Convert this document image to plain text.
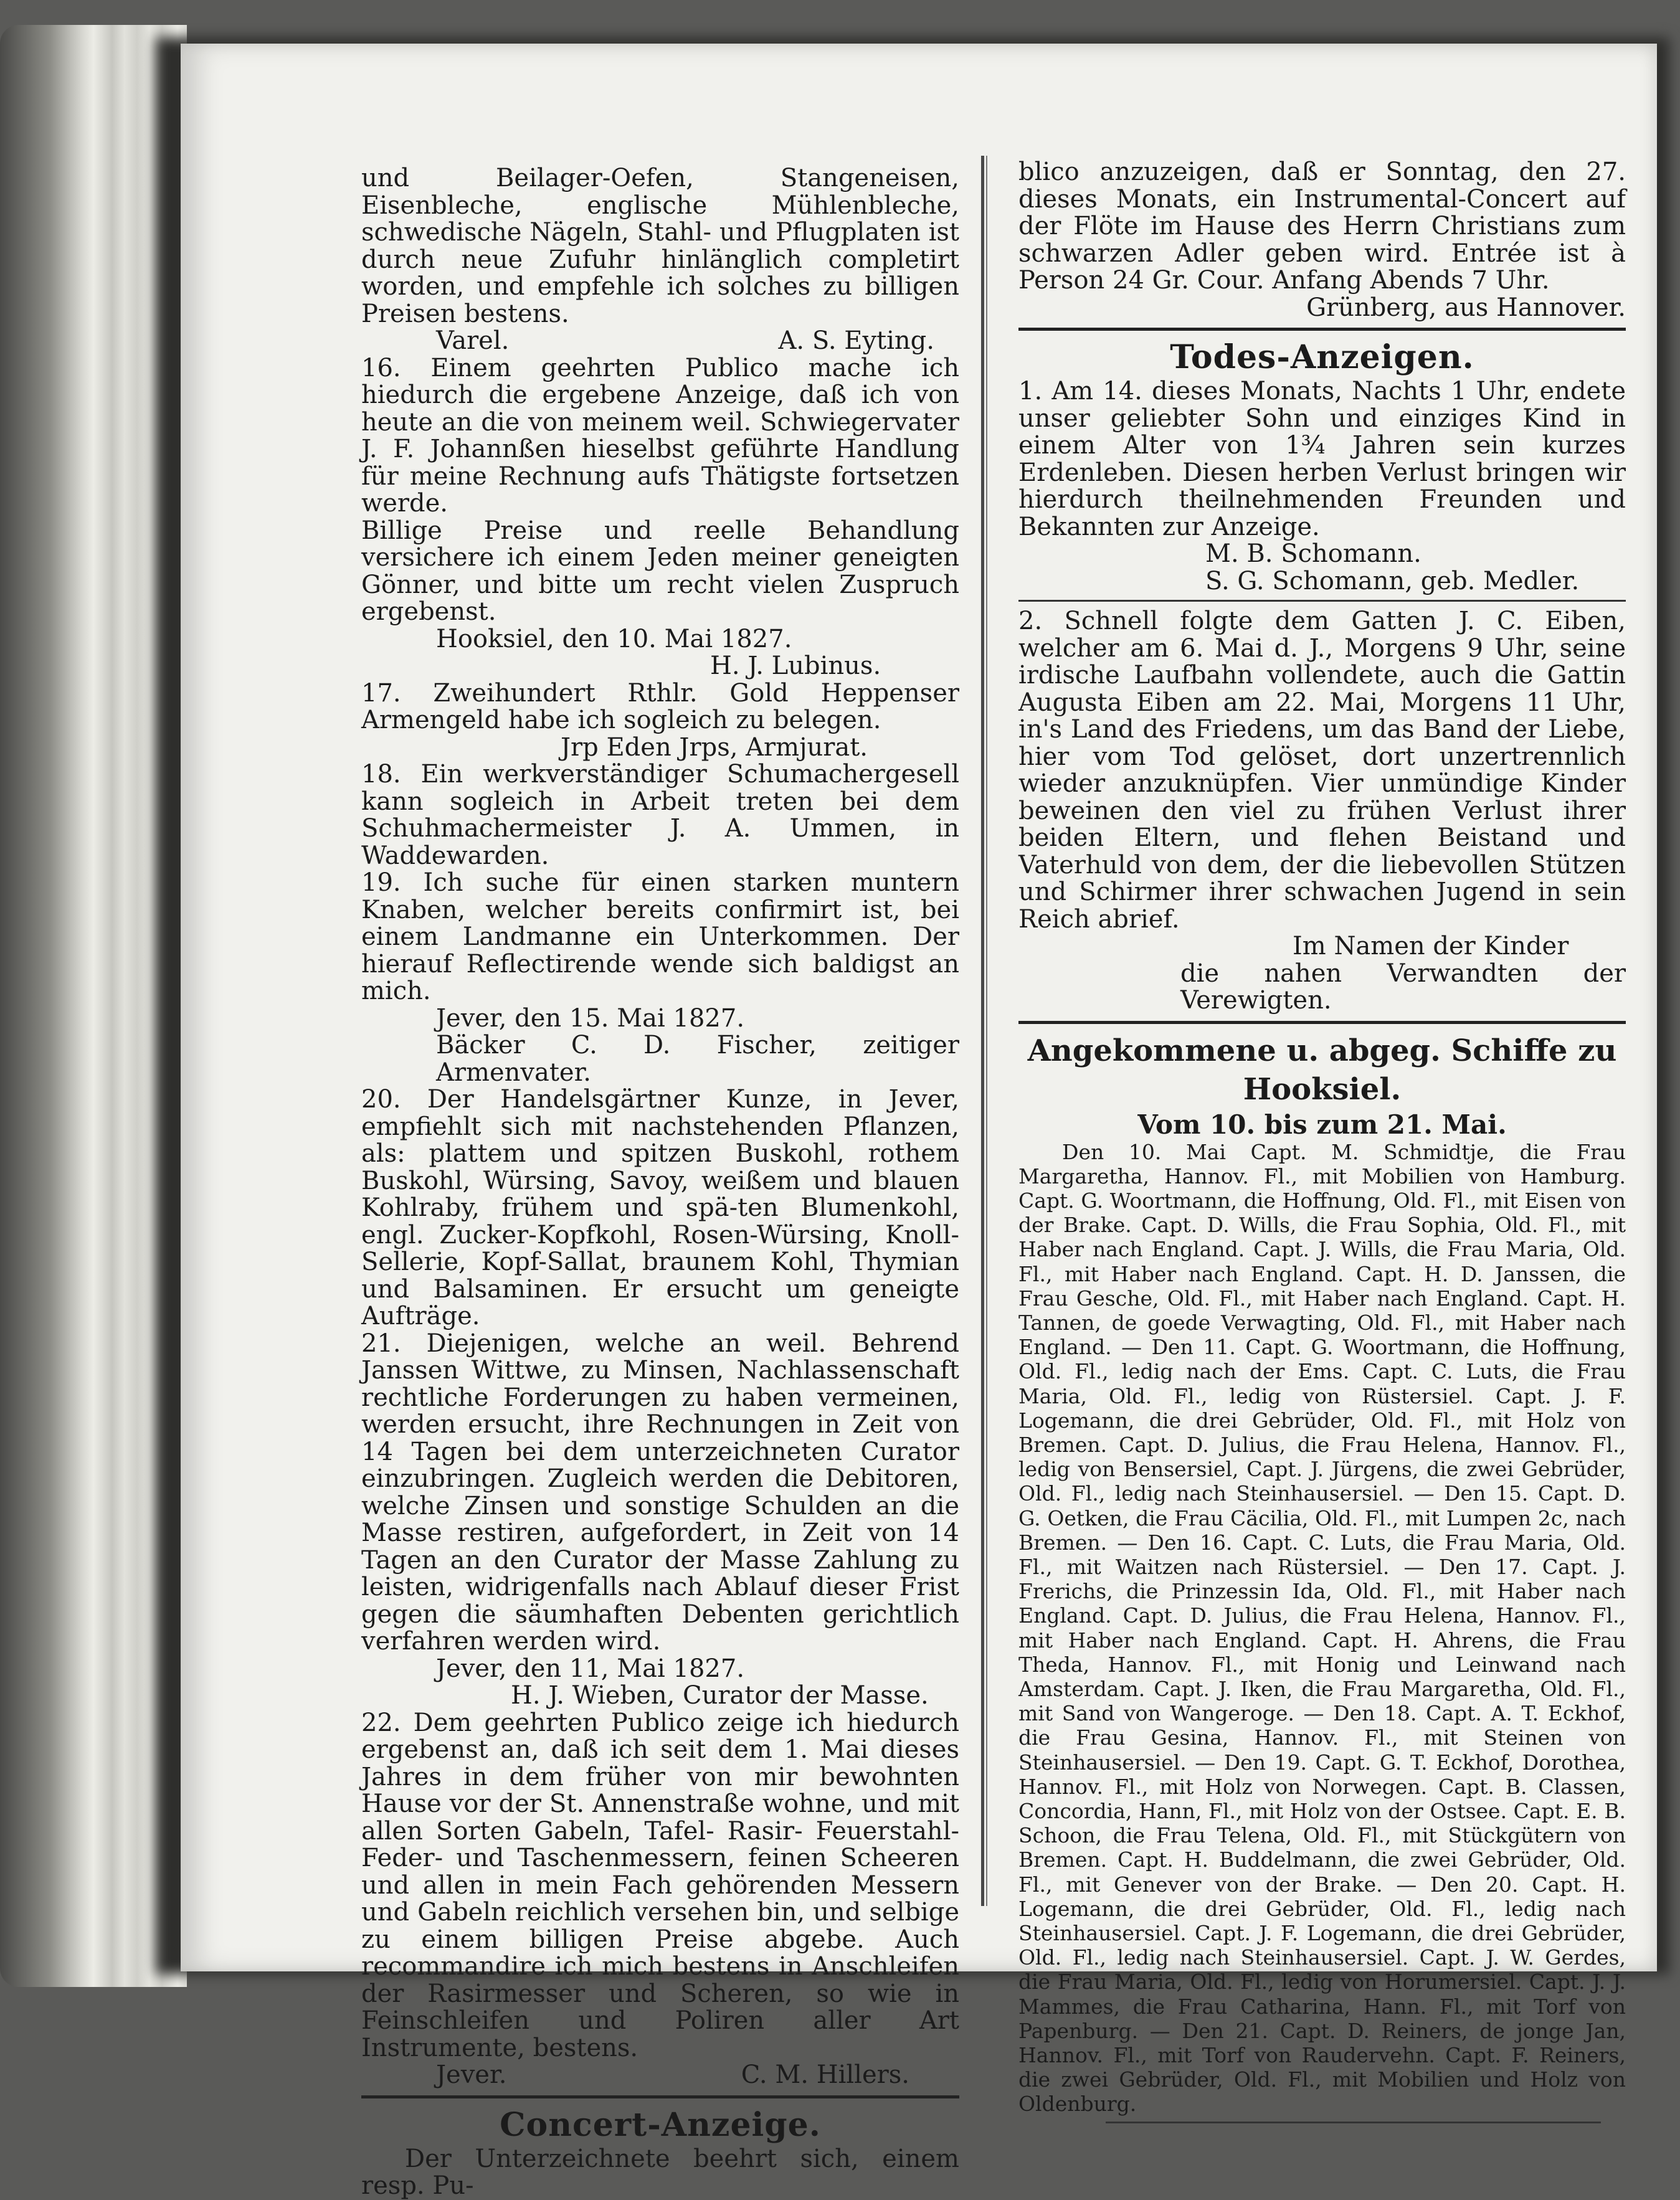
und Beilager-Oefen, Stangeneisen, Eisenbleche, englische Mühlenbleche, schwedische Nägeln, Stahl- und Pflugplaten ist durch neue Zufuhr hinlänglich completirt worden, und empfehle ich solches zu billigen Preisen bestens.

Varel.	A. S. Eyting.

16. Einem geehrten Publico mache ich hiedurch die ergebene Anzeige, daß ich von heute an die von meinem weil. Schwiegervater J. F. Johannßen hieselbst geführte Handlung für meine Rechnung aufs Thätigste fortsetzen werde.

Billige Preise und reelle Behandlung versichere ich einem Jeden meiner geneigten Gönner, und bitte um recht vielen Zuspruch ergebenst.

Hooksiel, den 10. Mai 1827.

H. J. Lubinus.

17. Zweihundert Rthlr. Gold Heppenser Armengeld habe ich sogleich zu belegen.

Jrp Eden Jrps, Armjurat.

18. Ein werkverständiger Schumachergesell kann sogleich in Arbeit treten bei dem Schuhmachermeister J. A. Ummen, in Waddewarden.

19. Ich suche für einen starken muntern Knaben, welcher bereits confirmirt ist, bei einem Landmanne ein Unterkommen. Der hierauf Reflectirende wende sich baldigst an mich.

Jever, den 15. Mai 1827.

Bäcker C. D. Fischer, zeitiger Armenvater.

20. Der Handelsgärtner Kunze, in Jever, empfiehlt sich mit nachstehenden Pflanzen, als: plattem und spitzen Buskohl, rothem Buskohl, Würsing, Savoy, weißem und blauen Kohlraby, frühem und spä-ten Blumenkohl, engl. Zucker-Kopfkohl, Rosen-Würsing, Knoll-Sellerie, Kopf-Sallat, braunem Kohl, Thymian und Balsaminen. Er ersucht um geneigte Aufträge.

21. Diejenigen, welche an weil. Behrend Janssen Wittwe, zu Minsen, Nachlassenschaft rechtliche Forderungen zu haben vermeinen, werden ersucht, ihre Rechnungen in Zeit von 14 Tagen bei dem unterzeichneten Curator einzubringen. Zugleich werden die Debitoren, welche Zinsen und sonstige Schulden an die Masse restiren, aufgefordert, in Zeit von 14 Tagen an den Curator der Masse Zahlung zu leisten, widrigenfalls nach Ablauf dieser Frist gegen die säumhaften Debenten gerichtlich verfahren werden wird.

Jever, den 11, Mai 1827.

H. J. Wieben, Curator der Masse.

22. Dem geehrten Publico zeige ich hiedurch ergebenst an, daß ich seit dem 1. Mai dieses Jahres in dem früher von mir bewohnten Hause vor der St. Annenstraße wohne, und mit allen Sorten Gabeln, Tafel- Rasir- Feuerstahl- Feder- und Taschenmessern, feinen Scheeren und allen in mein Fach gehörenden Messern und Gabeln reichlich versehen bin, und selbige zu einem billigen Preise abgebe. Auch recommandire ich mich bestens in Anschleifen der Rasirmesser und Scheren, so wie in Feinschleifen und Poliren aller Art Instrumente, bestens.

Jever.	C. M. Hillers.

Concert-Anzeige.

Der Unterzeichnete beehrt sich, einem resp. Pu-

blico anzuzeigen, daß er Sonntag, den 27. dieses Monats, ein Instrumental-Concert auf der Flöte im Hause des Herrn Christians zum schwarzen Adler geben wird. Entrée ist à Person 24 Gr. Cour. Anfang Abends 7 Uhr.

Grünberg, aus Hannover.

Todes-Anzeigen.

1. Am 14. dieses Monats, Nachts 1 Uhr, endete unser geliebter Sohn und einziges Kind in einem Alter von 1¾ Jahren sein kurzes Erdenleben. Diesen herben Verlust bringen wir hierdurch theilnehmenden Freunden und Bekannten zur Anzeige.

M. B. Schomann.

S. G. Schomann, geb. Medler.

2. Schnell folgte dem Gatten J. C. Eiben, welcher am 6. Mai d. J., Morgens 9 Uhr, seine irdische Laufbahn vollendete, auch die Gattin Augusta Eiben am 22. Mai, Morgens 11 Uhr, in's Land des Friedens, um das Band der Liebe, hier vom Tod gelöset, dort unzertrennlich wieder anzuknüpfen. Vier unmündige Kinder beweinen den viel zu frühen Verlust ihrer beiden Eltern, und flehen Beistand und Vaterhuld von dem, der die liebevollen Stützen und Schirmer ihrer schwachen Jugend in sein Reich abrief.

Im Namen der Kinder

die nahen Verwandten der Verewigten.

Angekommene u. abgeg. Schiffe zu Hooksiel.
Vom 10. bis zum 21. Mai.

Den 10. Mai Capt. M. Schmidtje, die Frau Margaretha, Hannov. Fl., mit Mobilien von Hamburg. Capt. G. Woortmann, die Hoffnung, Old. Fl., mit Eisen von der Brake. Capt. D. Wills, die Frau Sophia, Old. Fl., mit Haber nach England. Capt. J. Wills, die Frau Maria, Old. Fl., mit Haber nach England. Capt. H. D. Janssen, die Frau Gesche, Old. Fl., mit Haber nach England. Capt. H. Tannen, de goede Verwagting, Old. Fl., mit Haber nach England. — Den 11. Capt. G. Woortmann, die Hoffnung, Old. Fl., ledig nach der Ems. Capt. C. Luts, die Frau Maria, Old. Fl., ledig von Rüstersiel. Capt. J. F. Logemann, die drei Gebrüder, Old. Fl., mit Holz von Bremen. Capt. D. Julius, die Frau Helena, Hannov. Fl., ledig von Bensersiel, Capt. J. Jürgens, die zwei Gebrüder, Old. Fl., ledig nach Steinhausersiel. — Den 15. Capt. D. G. Oetken, die Frau Cäcilia, Old. Fl., mit Lumpen 2c, nach Bremen. — Den 16. Capt. C. Luts, die Frau Maria, Old. Fl., mit Waitzen nach Rüstersiel. — Den 17. Capt. J. Frerichs, die Prinzessin Ida, Old. Fl., mit Haber nach England. Capt. D. Julius, die Frau Helena, Hannov. Fl., mit Haber nach England. Capt. H. Ahrens, die Frau Theda, Hannov. Fl., mit Honig und Leinwand nach Amsterdam. Capt. J. Iken, die Frau Margaretha, Old. Fl., mit Sand von Wangeroge. — Den 18. Capt. A. T. Eckhof, die Frau Gesina, Hannov. Fl., mit Steinen von Steinhausersiel. — Den 19. Capt. G. T. Eckhof, Dorothea, Hannov. Fl., mit Holz von Norwegen. Capt. B. Classen, Concordia, Hann, Fl., mit Holz von der Ostsee. Capt. E. B. Schoon, die Frau Telena, Old. Fl., mit Stückgütern von Bremen. Capt. H. Buddelmann, die zwei Gebrüder, Old. Fl., mit Genever von der Brake. — Den 20. Capt. H. Logemann, die drei Gebrüder, Old. Fl., ledig nach Steinhausersiel. Capt. J. F. Logemann, die drei Gebrüder, Old. Fl., ledig nach Steinhausersiel. Capt. J. W. Gerdes, die Frau Maria, Old. Fl., ledig von Horumersiel. Capt. J. J. Mammes, die Frau Catharina, Hann. Fl., mit Torf von Papenburg. — Den 21. Capt. D. Reiners, de jonge Jan, Hannov. Fl., mit Torf von Raudervehn. Capt. F. Reiners, die zwei Gebrüder, Old. Fl., mit Mobilien und Holz von Oldenburg.
